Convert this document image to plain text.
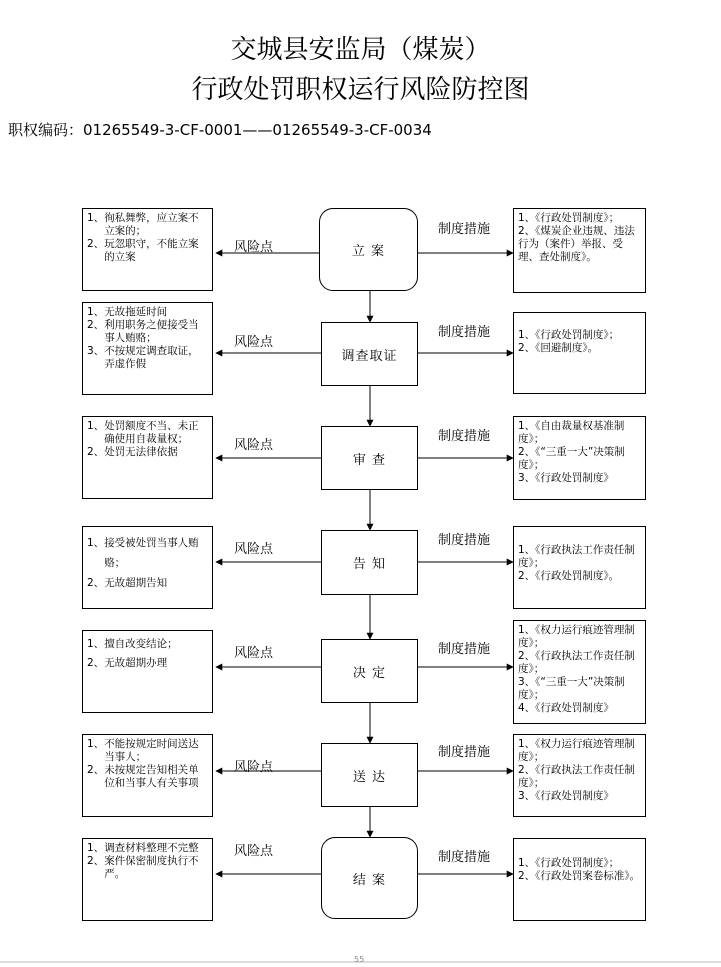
交城县安监局（煤炭）
行政处罚职权运行风险防控图
职权编码：01265549-3-CF-0001——01265549-3-CF-0034
1、 徇私舞弊，应立案不立案的；
2、 玩忽职守，不能立案的立案
风险点	立 案
制度措施
1、《行政处罚制度》；
2、《煤炭企业违规、违法行为（案件）举报、受理、查处制度》。
1、 无故拖延时间
2、 利用职务之便接受当事人贿赂；
3、 不按规定调查取证，弄虚作假
风险点
调查取证
制度措施	1、《行政处罚制度》；
2、《回避制度》。
1、 处罚额度不当、未正确使用自裁量权；
2、 处罚无法律依据	风险点
审 查
制度措施
1、《自由裁量权基准制度》；
2、《“三重一大”决策制度》；
3、《行政处罚制度》
1、 接受被处罚当事人贿赂；
2、 无故超期告知
风险点
告 知
制度措施
1、《行政执法工作责任制度》；
2、《行政处罚制度》。
1、 擅自改变结论；
2、 无故超期办理
风险点
决 定
制度措施
1、《权力运行痕迹管理制度》；
2、《行政执法工作责任制度》；
3、《“三重一大”决策制度》；
4、《行政处罚制度》
1、 不能按规定时间送达当事人；
2、 未按规定告知相关单位和当事人有关事项
风险点
送 达
制度措施
1、《权力运行痕迹管理制度》；
2、《行政执法工作责任制度》；
3、《行政处罚制度》
1、 调查材料整理不完整
2、 案件保密制度执行不严。
风险点
结 案
制度措施	1、《行政处罚制度》；
2、《行政处罚案卷标准》。
55
